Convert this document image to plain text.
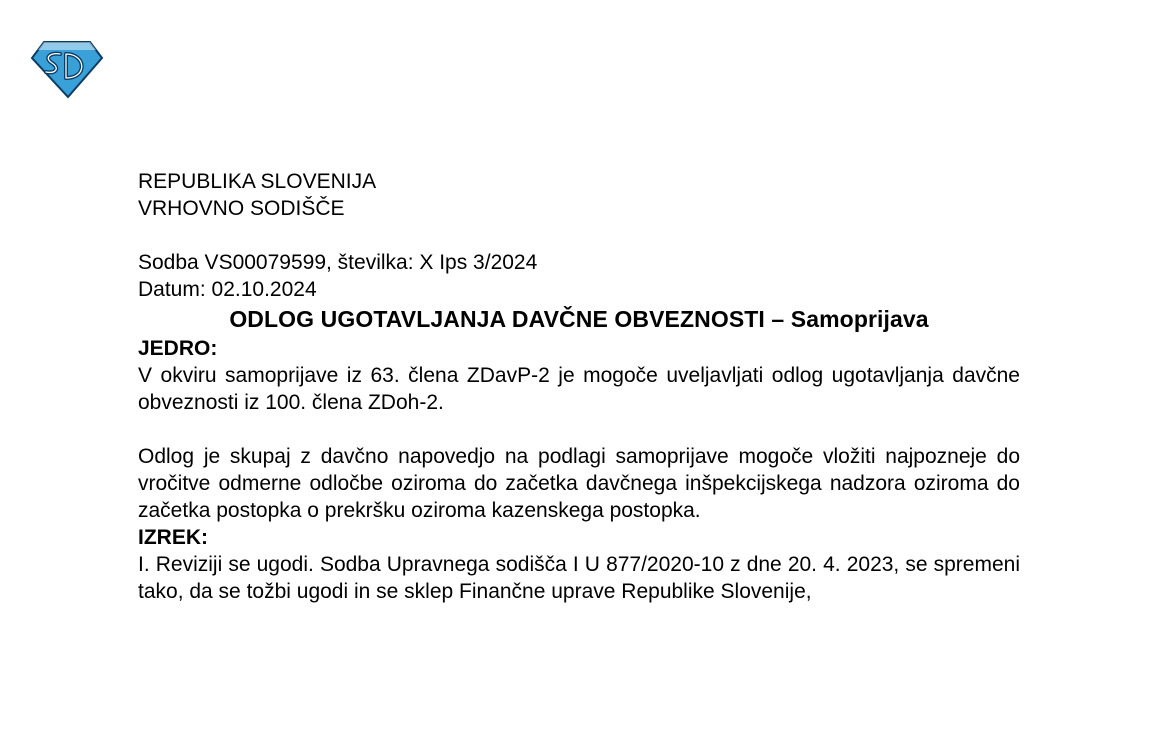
REPUBLIKA SLOVENIJA

VRHOVNO SODIŠČE

Sodba VS00079599, številka: X Ips 3/2024

Datum: 02.10.2024

ODLOG UGOTAVLJANJA DAVČNE OBVEZNOSTI – Samoprijava

JEDRO:

V okviru samoprijave iz 63. člena ZDavP-2 je mogoče uveljavljati odlog ugotavljanja davčne obveznosti iz 100. člena ZDoh-2.

Odlog je skupaj z davčno napovedjo na podlagi samoprijave mogoče vložiti najpozneje do vročitve odmerne odločbe oziroma do začetka davčnega inšpekcijskega nadzora oziroma do začetka postopka o prekršku oziroma kazenskega postopka.

IZREK:

I. Reviziji se ugodi. Sodba Upravnega sodišča I U 877/2020-10 z dne 20. 4. 2023, se spremeni tako, da se tožbi ugodi in se sklep Finančne uprave Republike Slovenije,
